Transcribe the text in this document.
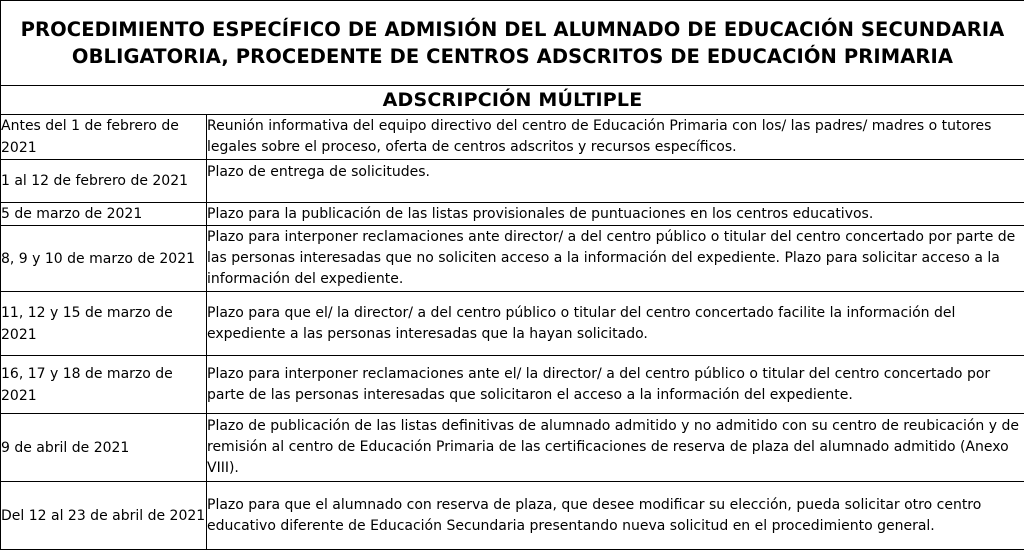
PROCEDIMIENTO ESPECÍFICO DE ADMISIÓN DEL ALUMNADO DE EDUCACIÓN SECUNDARIA OBLIGATORIA, PROCEDENTE DE CENTROS ADSCRITOS DE EDUCACIÓN PRIMARIA	
ADSCRIPCIÓN MÚLTIPLE	
Antes del 1 de febrero de 2021	Reunión informativa del equipo directivo del centro de Educación Primaria con los/ las padres/ madres o tutores legales sobre el proceso, oferta de centros adscritos y recursos específicos.
1 al 12 de febrero de 2021	Plazo de entrega de solicitudes.
5 de marzo de 2021	Plazo para la publicación de las listas provisionales de puntuaciones en los centros educativos.
8, 9 y 10 de marzo de 2021	Plazo para interponer reclamaciones ante director/ a del centro público o titular del centro concertado por parte de las personas interesadas que no soliciten acceso a la información del expediente. Plazo para solicitar acceso a la información del expediente.
11, 12 y 15 de marzo de 2021	Plazo para que el/ la director/ a del centro público o titular del centro concertado facilite la información del expediente a las personas interesadas que la hayan solicitado.
16, 17 y 18 de marzo de 2021	Plazo para interponer reclamaciones ante el/ la director/ a del centro público o titular del centro concertado por parte de las personas interesadas que solicitaron el acceso a la información del expediente.
9 de abril de 2021	Plazo de publicación de las listas definitivas de alumnado admitido y no admitido con su centro de reubicación y de remisión al centro de Educación Primaria de las certificaciones de reserva de plaza del alumnado admitido (Anexo VIII).
Del 12 al 23 de abril de 2021	Plazo para que el alumnado con reserva de plaza, que desee modificar su elección, pueda solicitar otro centro educativo diferente de Educación Secundaria presentando nueva solicitud en el procedimiento general.
